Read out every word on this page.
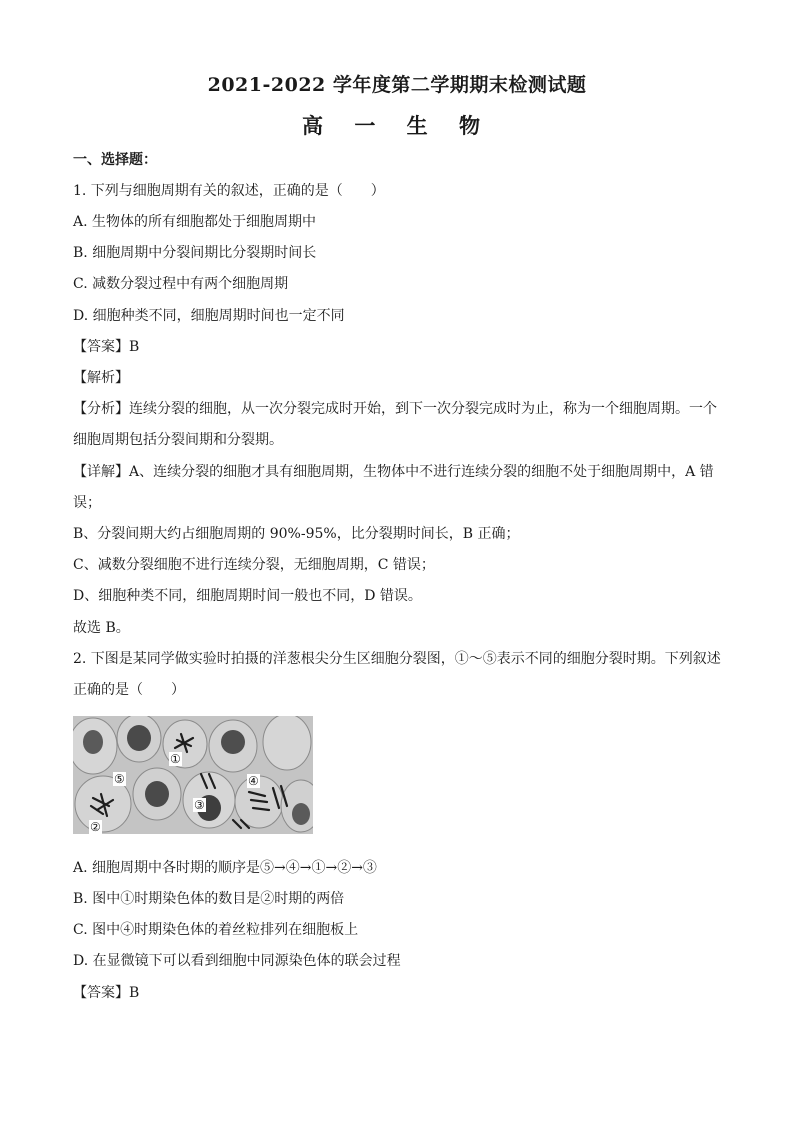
2021-2022 学年度第二学期期末检测试题
高 一 生 物
一、选择题：
1. 下列与细胞周期有关的叙述，正确的是（　　）
A. 生物体的所有细胞都处于细胞周期中
B. 细胞周期中分裂间期比分裂期时间长
C. 减数分裂过程中有两个细胞周期
D. 细胞种类不同，细胞周期时间也一定不同
【答案】B
【解析】
【分析】连续分裂的细胞，从一次分裂完成时开始，到下一次分裂完成时为止，称为一个细胞周期。一个
细胞周期包括分裂间期和分裂期。
【详解】A、连续分裂的细胞才具有细胞周期，生物体中不进行连续分裂的细胞不处于细胞周期中，A 错
误；
B、分裂间期大约占细胞周期的 90%-95%，比分裂期时间长，B 正确；
C、减数分裂细胞不进行连续分裂，无细胞周期，C 错误；
D、细胞种类不同，细胞周期时间一般也不同，D 错误。
故选 B。
2. 下图是某同学做实验时拍摄的洋葱根尖分生区细胞分裂图，①～⑤表示不同的细胞分裂时期。下列叙述
正确的是（　　）
①
②
③
④
⑤
A. 细胞周期中各时期的顺序是⑤→④→①→②→③
B. 图中①时期染色体的数目是②时期的两倍
C. 图中④时期染色体的着丝粒排列在细胞板上
D. 在显微镜下可以看到细胞中同源染色体的联会过程
【答案】B
